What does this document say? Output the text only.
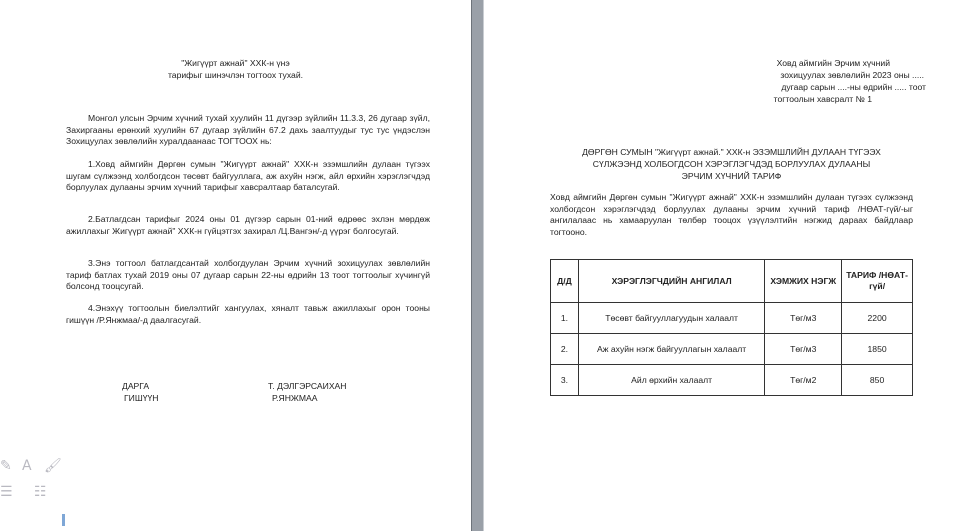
"Жигүүрт ажнай" ХХК-н үнэ
тарифыг шинэчлэн тогтоох тухай.
Монгол улсын Эрчим хүчний тухай хуулийн 11 дүгээр зүйлийн 11.3.3, 26 дугаар зүйл, Захиргааны ерөнхий хуулийн 67 дугаар зүйлийн 67.2 дахь заалтуудыг тус тус үндэслэн Зохицуулах зөвлөлийн хуралдаанаас ТОГТООХ нь:
1.Ховд аймгийн Дөргөн сумын "Жигүүрт ажнай" ХХК-н эзэмшлийн дулаан түгээх шугам сүлжээнд холбогдсон төсөвт байгууллага, аж ахуйн нэгж, айл өрхийн хэрэглэгчдэд борлуулах дулааны эрчим хүчний тарифыг хавсралтаар баталсугай.
2.Батлагдсан тарифыг 2024 оны 01 дүгээр сарын 01-ний өдрөөс эхлэн мөрдөж ажиллахыг Жигүүрт ажнай" ХХК-н гүйцэтгэх захирал /Ц.Вангэн/-д үүрэг болгосугай.
3.Энэ тогтоол батлагдсантай холбогдуулан Эрчим хүчний зохицуулах зөвлөлийн тариф батлах тухай 2019 оны 07 дугаар сарын 22-ны өдрийн 13 тоот тогтоолыг хүчингүй болсонд тооцсугай.
4.Энэхүү тогтоолын биелэлтийг хангуулах, хяналт тавьж ажиллахыг орон тооны гишүүн /Р.Янжмаа/-д даалгасугай.
ДАРГА	Т. ДЭЛГЭРСАИХАН
ГИШҮҮН	Р.ЯНЖМАА
✎ A 🖌
☰ ☷
Ховд аймгийн Эрчим хүчний
зохицуулах зөвлөлийн 2023 оны .....
дугаар сарын ....-ны өдрийн ..... тоот
тогтоолын хавсралт № 1
ДӨРГӨН СУМЫН "Жигүүрт ажнай." ХХК-н ЭЗЭМШЛИЙН ДУЛААН ТҮГЭЭХ
СҮЛЖЭЭНД ХОЛБОГДСОН ХЭРЭГЛЭГЧДЭД БОРЛУУЛАХ ДУЛААНЫ
ЭРЧИМ ХҮЧНИЙ ТАРИФ
Ховд аймгийн Дөргөн сумын "Жигүүрт ажнай" ХХК-н эзэмшлийн дулаан түгээх сүлжээнд холбогдсон хэрэглэгчдэд борлуулах дулааны эрчим хүчний тариф /НӨАТ-гүй/-ыг ангилалаас нь хамааруулан төлбөр тооцох үзүүлэлтийн нэгжид дараах байдлаар тогтооно.
Д/Д	ХЭРЭГЛЭГЧДИЙН АНГИЛАЛ	ХЭМЖИХ НЭГЖ	ТАРИФ /НӨАТ-гүй/
1.	Төсөвт байгууллагуудын халаалт	Төг/м3	2200
2.	Аж ахуйн нэгж байгууллагын халаалт	Төг/м3	1850
3.	Айл өрхийн халаалт	Төг/м2	850
